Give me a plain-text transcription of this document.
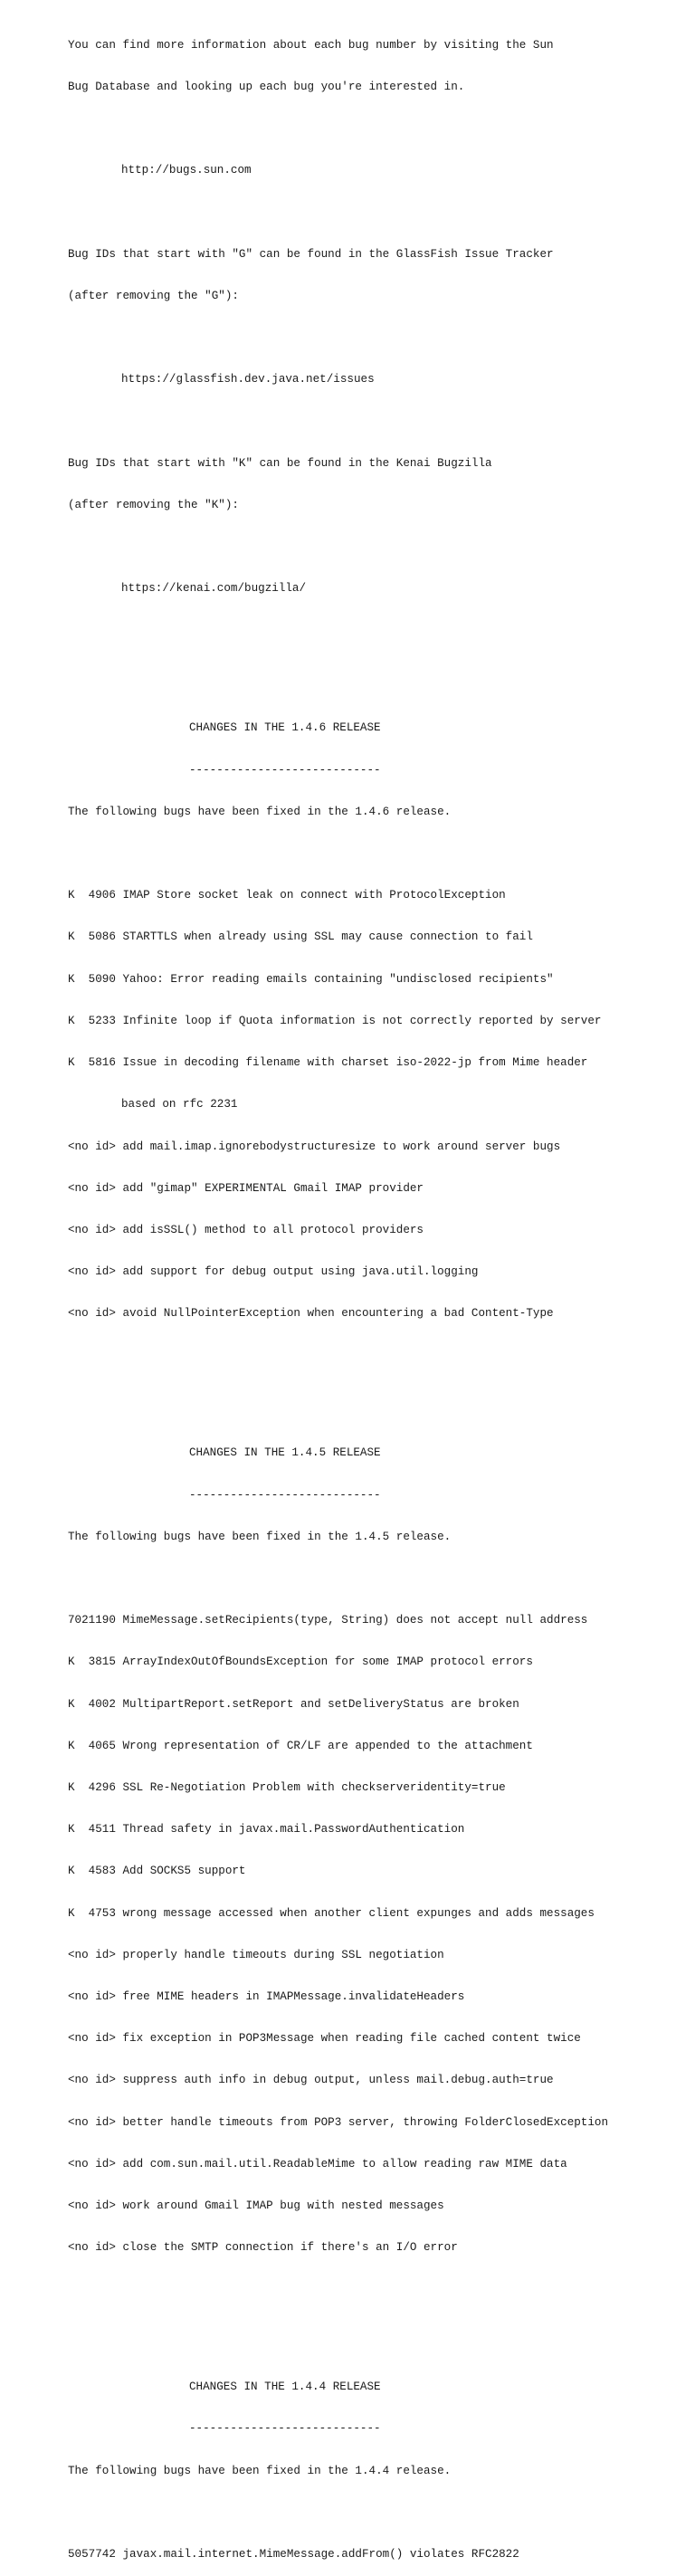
You can find more information about each bug number by visiting the Sun

Bug Database and looking up each bug you're interested in.

http://bugs.sun.com

Bug IDs that start with "G" can be found in the GlassFish Issue Tracker

(after removing the "G"):

https://glassfish.dev.java.net/issues

Bug IDs that start with "K" can be found in the Kenai Bugzilla

(after removing the "K"):

https://kenai.com/bugzilla/

CHANGES IN THE 1.4.6 RELEASE

----------------------------

The following bugs have been fixed in the 1.4.6 release.

K  4906 IMAP Store socket leak on connect with ProtocolException

K  5086 STARTTLS when already using SSL may cause connection to fail

K  5090 Yahoo: Error reading emails containing "undisclosed recipients"

K  5233 Infinite loop if Quota information is not correctly reported by server

K  5816 Issue in decoding filename with charset iso-2022-jp from Mime header

based on rfc 2231

<no id> add mail.imap.ignorebodystructuresize to work around server bugs

<no id> add "gimap" EXPERIMENTAL Gmail IMAP provider

<no id> add isSSL() method to all protocol providers

<no id> add support for debug output using java.util.logging

<no id> avoid NullPointerException when encountering a bad Content-Type

CHANGES IN THE 1.4.5 RELEASE

----------------------------

The following bugs have been fixed in the 1.4.5 release.

7021190 MimeMessage.setRecipients(type, String) does not accept null address

K  3815 ArrayIndexOutOfBoundsException for some IMAP protocol errors

K  4002 MultipartReport.setReport and setDeliveryStatus are broken

K  4065 Wrong representation of CR/LF are appended to the attachment

K  4296 SSL Re-Negotiation Problem with checkserveridentity=true

K  4511 Thread safety in javax.mail.PasswordAuthentication

K  4583 Add SOCKS5 support

K  4753 wrong message accessed when another client expunges and adds messages

<no id> properly handle timeouts during SSL negotiation

<no id> free MIME headers in IMAPMessage.invalidateHeaders

<no id> fix exception in POP3Message when reading file cached content twice

<no id> suppress auth info in debug output, unless mail.debug.auth=true

<no id> better handle timeouts from POP3 server, throwing FolderClosedException

<no id> add com.sun.mail.util.ReadableMime to allow reading raw MIME data

<no id> work around Gmail IMAP bug with nested messages

<no id> close the SMTP connection if there's an I/O error

CHANGES IN THE 1.4.4 RELEASE

----------------------------

The following bugs have been fixed in the 1.4.4 release.

5057742 javax.mail.internet.MimeMessage.addFrom() violates RFC2822
